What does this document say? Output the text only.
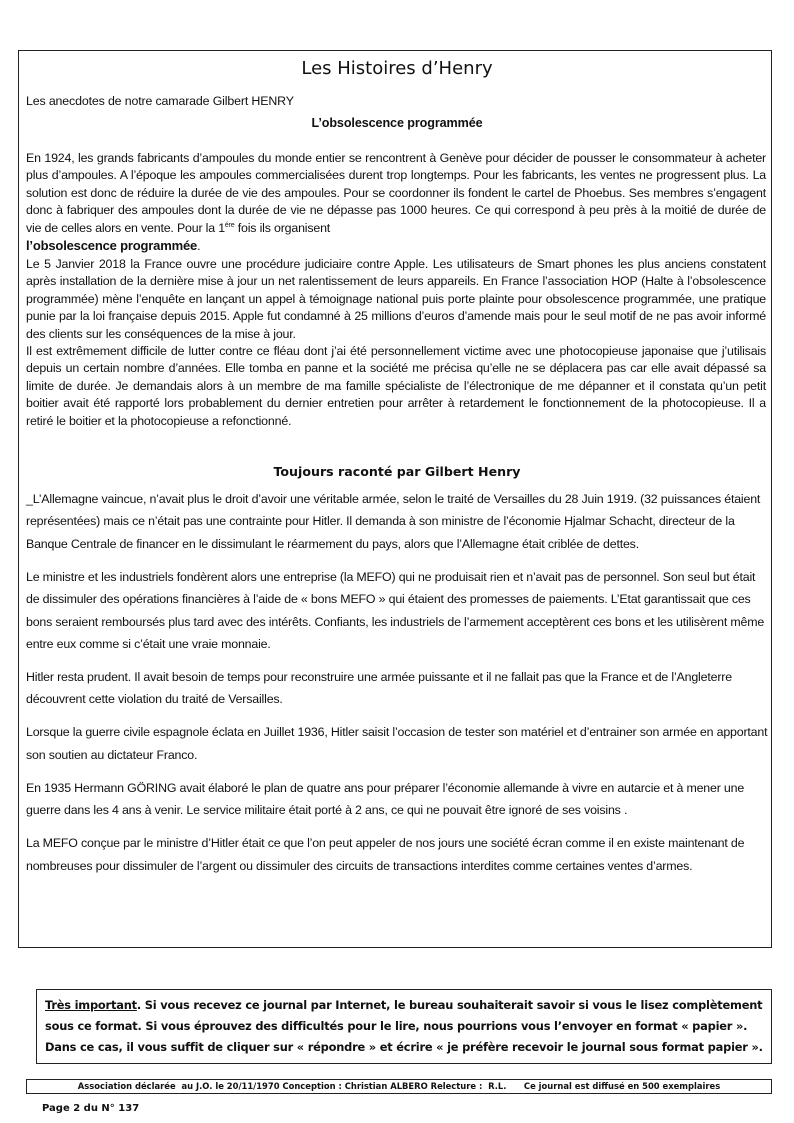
Les Histoires d’Henry
Les anecdotes de notre camarade Gilbert HENRY
L’obsolescence programmée
En 1924, les grands fabricants d’ampoules du monde entier se rencontrent à Genève pour décider de pousser le consommateur à acheter plus d’ampoules. A l’époque les ampoules commercialisées durent trop longtemps. Pour les fabricants, les ventes ne progressent plus. La solution est donc de réduire la durée de vie des ampoules. Pour se coordonner ils fondent le cartel de Phoebus. Ses membres s’engagent donc à fabriquer des ampoules dont la durée de vie ne dépasse pas 1000 heures. Ce qui correspond à peu près à la moitié de durée de vie de celles alors en vente. Pour la $1^{ére}$ fois ils organisent
l’obsolescence programmée.
Le 5 Janvier 2018 la France ouvre une procédure judiciaire contre Apple. Les utilisateurs de Smart phones les plus anciens constatent après installation de la dernière mise à jour un net ralentissement de leurs appareils. En France l’association HOP (Halte à l’obsolescence programmée) mène l’enquête en lançant un appel à témoignage national puis porte plainte pour obsolescence programmée, une pratique punie par la loi française depuis 2015. Apple fut condamné à 25 millions d’euros d’amende mais pour le seul motif de ne pas avoir informé des clients sur les conséquences de la mise à jour.
Il est extrêmement difficile de lutter contre ce fléau dont j’ai été personnellement victime avec une photocopieuse japonaise que j’utilisais depuis un certain nombre d’années. Elle tomba en panne et la société me précisa qu’elle ne se déplacera pas car elle avait dépassé sa limite de durée. Je demandais alors à un membre de ma famille spécialiste de l’électronique de me dépanner et il constata qu’un petit boitier avait été rapporté lors probablement du dernier entretien pour arrêter à retardement le fonctionnement de la photocopieuse. Il a retiré le boitier et la photocopieuse a refonctionné.
Toujours raconté par Gilbert Henry

_L’Allemagne vaincue, n’avait plus le droit d’avoir une véritable armée, selon le traité de Versailles du 28 Juin 1919. (32 puissances étaient représentées) mais ce n’était pas une contrainte pour Hitler. Il demanda à son ministre de l’économie Hjalmar Schacht, directeur de la Banque Centrale de financer en le dissimulant le réarmement du pays, alors que l’Allemagne était criblée de dettes.

Le ministre et les industriels fondèrent alors une entreprise (la MEFO) qui ne produisait rien et n’avait pas de personnel. Son seul but était de dissimuler des opérations financières à l’aide de « bons MEFO » qui étaient des promesses de paiements. L’Etat garantissait que ces bons seraient remboursés plus tard avec des intérêts. Confiants, les industriels de l’armement acceptèrent ces bons et les utilisèrent même entre eux comme si c’était une vraie monnaie.

Hitler resta prudent. Il avait besoin de temps pour reconstruire une armée puissante et il ne fallait pas que la France et de l’Angleterre découvrent cette violation du traité de Versailles.

Lorsque la guerre civile espagnole éclata en Juillet 1936, Hitler saisit l’occasion de tester son matériel et d’entrainer son armée en apportant son soutien au dictateur Franco.

En 1935 Hermann GÖRING avait élaboré le plan de quatre ans pour préparer l’économie allemande à vivre en autarcie et à mener une guerre dans les 4 ans à venir. Le service militaire était porté à 2 ans, ce qui ne pouvait être ignoré de ses voisins .

La MEFO conçue par le ministre d’Hitler était ce que l’on peut appeler de nos jours une société écran comme il en existe maintenant de nombreuses pour dissimuler de l’argent ou dissimuler des circuits de transactions interdites comme certaines ventes d’armes.

Très important. Si vous recevez ce journal par Internet, le bureau souhaiterait savoir si vous le lisez complètement sous ce format. Si vous éprouvez des difficultés pour le lire, nous pourrions vous l’envoyer en format « papier ». Dans ce cas, il vous suffit de cliquer sur « répondre » et écrire « je préfère recevoir le journal sous format papier ».
Association déclarée  au J.O. le 20/11/1970 Conception : Christian ALBERO Relecture :  R.L.      Ce journal est diffusé en 500 exemplaires
Page 2 du N° 137
